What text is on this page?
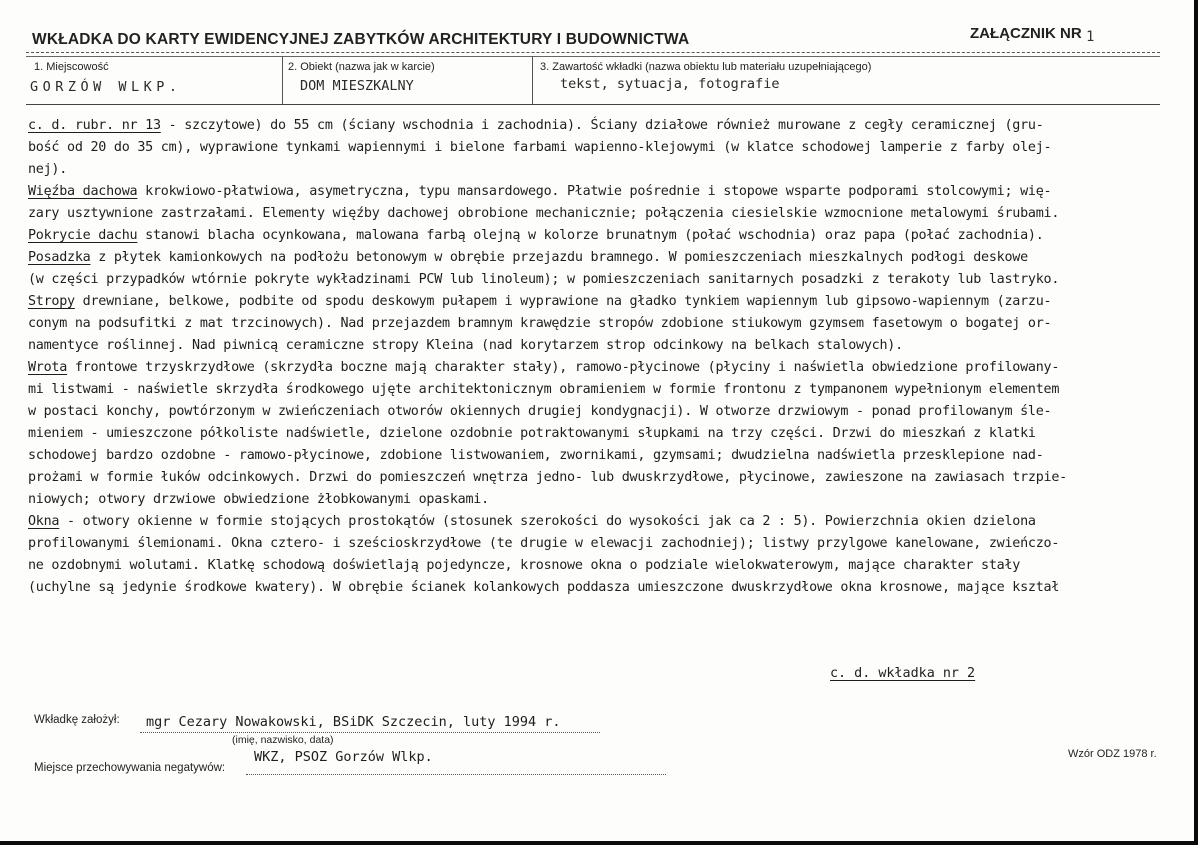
WKŁADKA DO KARTY EWIDENCYJNEJ ZABYTKÓW ARCHITEKTURY I BUDOWNICTWA	ZAŁĄCZNIK NR 1
1. Miejscowość
GORZÓW WLKP.
2. Obiekt (nazwa jak w karcie)
DOM MIESZKALNY
3. Zawartość wkładki (nazwa obiektu lub materiału uzupełniającego)
tekst, sytuacja, fotografie
c. d. rubr. nr 13 - szczytowe) do 55 cm (ściany wschodnia i zachodnia). Ściany działowe również murowane z cegły ceramicznej (gru-
bość od 20 do 35 cm), wyprawione tynkami wapiennymi i bielone farbami wapienno-klejowymi (w klatce schodowej lamperie z farby olej-
nej).
Więźba dachowa krokwiowo-płatwiowa, asymetryczna, typu mansardowego. Płatwie pośrednie i stopowe wsparte podporami stolcowymi; wię-
zary usztywnione zastrzałami. Elementy więźby dachowej obrobione mechanicznie; połączenia ciesielskie wzmocnione metalowymi śrubami.
Pokrycie dachu stanowi blacha ocynkowana, malowana farbą olejną w kolorze brunatnym (połać wschodnia) oraz papa (połać zachodnia).
Posadzka z płytek kamionkowych na podłożu betonowym w obrębie przejazdu bramnego. W pomieszczeniach mieszkalnych podłogi deskowe
(w części przypadków wtórnie pokryte wykładzinami PCW lub linoleum); w pomieszczeniach sanitarnych posadzki z terakoty lub lastryko.
Stropy drewniane, belkowe, podbite od spodu deskowym pułapem i wyprawione na gładko tynkiem wapiennym lub gipsowo-wapiennym (zarzu-
conym na podsufitki z mat trzcinowych). Nad przejazdem bramnym krawędzie stropów zdobione stiukowym gzymsem fasetowym o bogatej or-
namentyce roślinnej. Nad piwnicą ceramiczne stropy Kleina (nad korytarzem strop odcinkowy na belkach stalowych).
Wrota frontowe trzyskrzydłowe (skrzydła boczne mają charakter stały), ramowo-płycinowe (płyciny i naświetla obwiedzione profilowany-
mi listwami - naświetle skrzydła środkowego ujęte architektonicznym obramieniem w formie frontonu z tympanonem wypełnionym elementem
w postaci konchy, powtórzonym w zwieńczeniach otworów okiennych drugiej kondygnacji). W otworze drzwiowym - ponad profilowanym śle-
mieniem - umieszczone półkoliste nadświetle, dzielone ozdobnie potraktowanymi słupkami na trzy części. Drzwi do mieszkań z klatki
schodowej bardzo ozdobne - ramowo-płycinowe, zdobione listwowaniem, zwornikami, gzymsami; dwudzielna nadświetla przesklepione nad-
prożami w formie łuków odcinkowych. Drzwi do pomieszczeń wnętrza jedno- lub dwuskrzydłowe, płycinowe, zawieszone na zawiasach trzpie-
niowych; otwory drzwiowe obwiedzione żłobkowanymi opaskami.
Okna - otwory okienne w formie stojących prostokątów (stosunek szerokości do wysokości jak ca 2 : 5). Powierzchnia okien dzielona
profilowanymi ślemionami. Okna cztero- i sześcioskrzydłowe (te drugie w elewacji zachodniej); listwy przylgowe kanelowane, zwieńczo-
ne ozdobnymi wolutami. Klatkę schodową doświetlają pojedyncze, krosnowe okna o podziale wielokwaterowym, mające charakter stały
(uchylne są jedynie środkowe kwatery). W obrębie ścianek kolankowych poddasza umieszczone dwuskrzydłowe okna krosnowe, mające kształ
c. d. wkładka nr 2
Wkładkę założył: mgr Cezary Nowakowski, BSiDK Szczecin, luty 1994 r.
(imię, nazwisko, data)
Miejsce przechowywania negatywów:
WKZ, PSOZ Gorzów Wlkp.	Wzór ODZ 1978 r.
